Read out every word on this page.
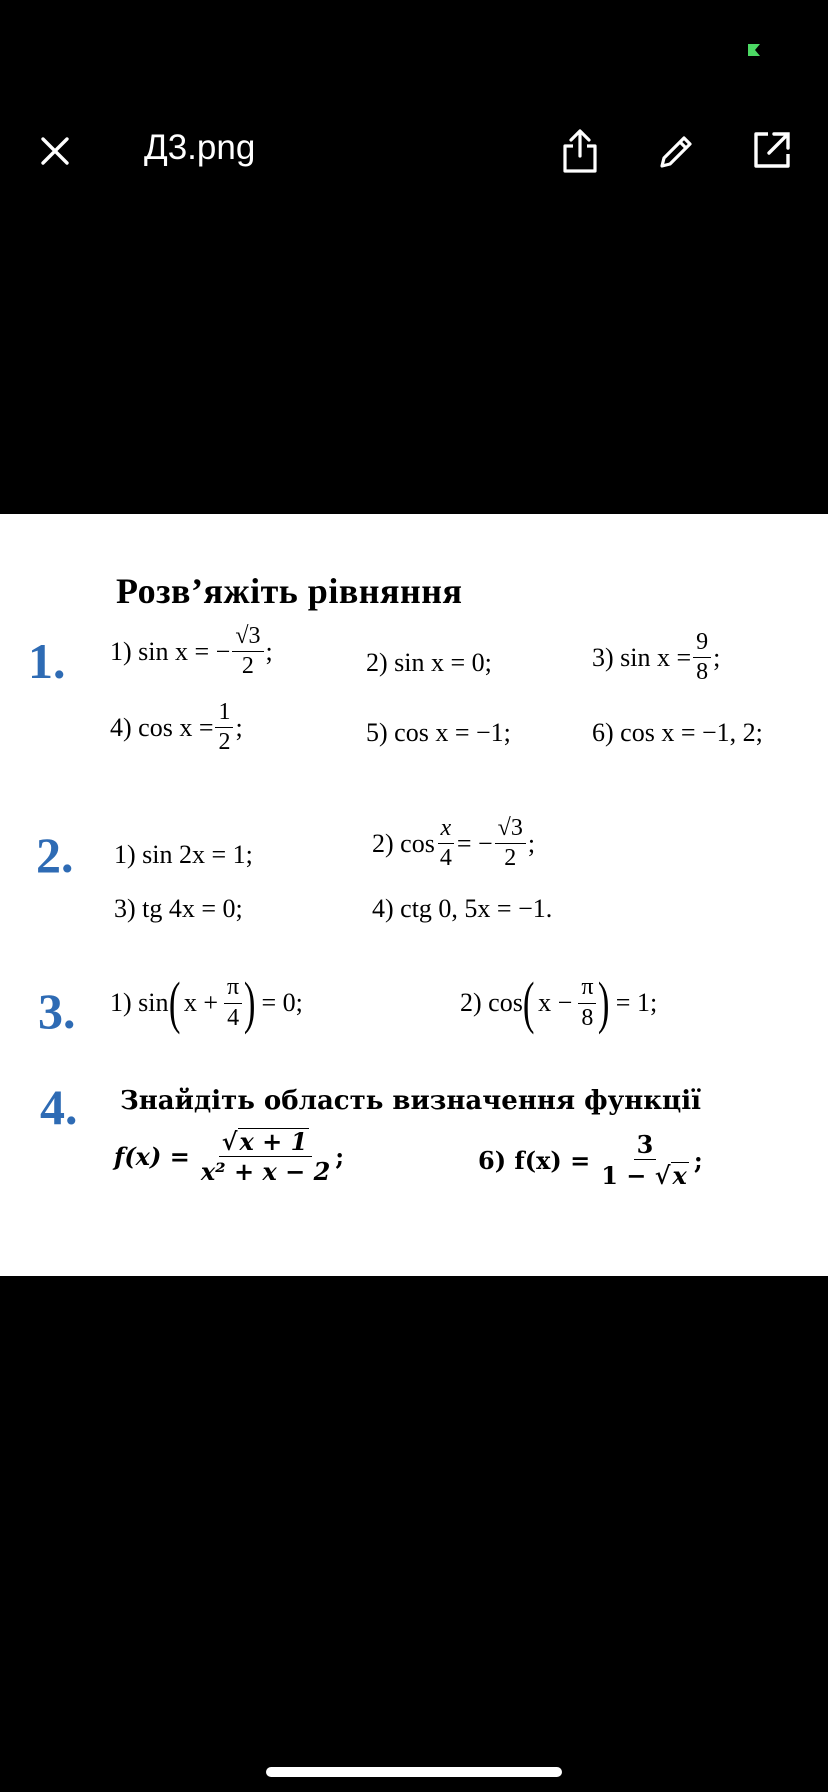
Д3.png
Розв’яжіть рівняння
1. 1) sin x = − $\frac{√3}{2}$ ;	2) sin x = 0;	3) $\sin x = \frac{9}{8}$ ;
4) $\cos x = \frac{1}{2}$ ;	5) cos x = −1;	6) cos x = −1, 2;
2. 1) sin 2x = 1;	2) $\cos \frac{x}{4}$ = − $\frac{√3}{2}$ ;
3) tg 4x = 0;	4) ctg 0, 5x = −1.
3. 1) sin ( $x + \frac{\pi}{4}$ ) = 0;	2) cos ( $x - \frac{\pi}{8}$ ) = 1;
4. Знайдіть область визначення функції
$f(x) = \frac{√ x + 1}{\text{x² + x − 2}}$ ;	6) $f(x) = \frac{3}{1 - √ x}$ ;
